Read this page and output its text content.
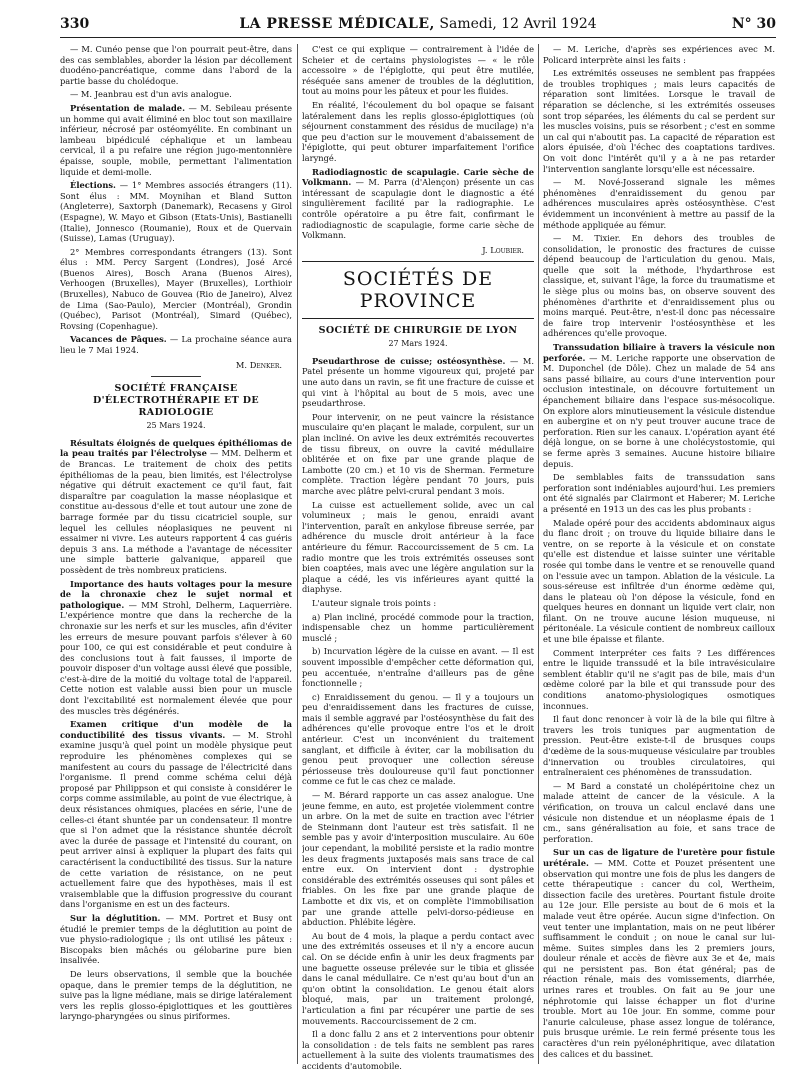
330	LA PRESSE MÉDICALE, Samedi, 12 Avril 1924	N° 30

— M. Cunéo pense que l'on pourrait peut-être, dans des cas semblables, aborder la lésion par décollement duodéno-pancréatique, comme dans l'abord de la partie basse du cholédoque.

— M. Jeanbrau est d'un avis analogue.

Présentation de malade. — M. Sebileau présente un homme qui avait éliminé en bloc tout son maxillaire inférieur, nécrosé par ostéomyélite. En combinant un lambeau bipédiculé céphalique et un lambeau cervical, il a pu refaire une région jugo-mentonnière épaisse, souple, mobile, permettant l'alimentation liquide et demi-molle.

Élections. — 1° Membres associés étrangers (11). Sont élus : MM. Moynihan et Bland Sutton (Angleterre), Saxtorph (Danemark), Recasens y Girol (Espagne), W. Mayo et Gibson (Etats-Unis), Bastianelli (Italie), Jonnesco (Roumanie), Roux et de Quervain (Suisse), Lamas (Uruguay).

2° Membres correspondants étrangers (13). Sont élus : MM. Percy Sargent (Londres), José Arcé (Buenos Aires), Bosch Arana (Buenos Aires), Verhoogen (Bruxelles), Mayer (Bruxelles), Lorthioir (Bruxelles), Nabuco de Gouvea (Rio de Janeiro), Alvez de Lima (Sao-Paulo), Mercier (Montréal), Grondin (Québec), Parisot (Montréal), Simard (Québec), Rovsing (Copenhague).

Vacances de Pâques. — La prochaine séance aura lieu le 7 Mai 1924.

M. Denker.

SOCIÉTÉ FRANÇAISE D'ÉLECTROTHÉRAPIE ET DE RADIOLOGIE

25 Mars 1924.

Résultats éloignés de quelques épithéliomas de la peau traités par l'électrolyse — MM. Delherm et de Brancas. Le traitement de choix des petits épithéliomas de la peau, bien limités, est l'électrolyse négative qui détruit exactement ce qu'il faut, fait disparaître par coagulation la masse néoplasique et constitue au-dessous d'elle et tout autour une zone de barrage formée par du tissu cicatriciel souple, sur lequel les cellules néoplasiques ne peuvent ni essaimer ni vivre. Les auteurs rapportent 4 cas guéris depuis 3 ans. La méthode a l'avantage de nécessiter une simple batterie galvanique, appareil que possèdent de très nombreux praticiens.

Importance des hauts voltages pour la mesure de la chronaxie chez le sujet normal et pathologique. — MM Strohl, Delherm, Laquerrière. L'expérience montre que dans la recherche de la chronaxie sur les nerfs et sur les muscles, afin d'éviter les erreurs de mesure pouvant parfois s'élever à 60 pour 100, ce qui est considérable et peut conduire à des conclusions tout à fait fausses, il importe de pouvoir disposer d'un voltage aussi élevé que possible, c'est-à-dire de la moitié du voltage total de l'appareil. Cette notion est valable aussi bien pour un muscle dont l'excitabilité est normalement élevée que pour des muscles très dégénérés.

Examen critique d'un modèle de la conductibilité des tissus vivants. — M. Strohl examine jusqu'à quel point un modèle physique peut reproduire les phénomènes complexes qui se manifestent au cours du passage de l'électricité dans l'organisme. Il prend comme schéma celui déjà proposé par Philippson et qui consiste à considérer le corps comme assimilable, au point de vue électrique, à deux résistances ohmiques, placées en série, l'une de celles-ci étant shuntée par un condensateur. Il montre que si l'on admet que la résistance shuntée décroît avec la durée de passage et l'intensité du courant, on peut arriver ainsi à expliquer la plupart des faits qui caractérisent la conductibilité des tissus. Sur la nature de cette variation de résistance, on ne peut actuellement faire que des hypothèses, mais il est vraisemblable que la diffusion progressive du courant dans l'organisme en est un des facteurs.

Sur la déglutition. — MM. Portret et Busy ont étudié le premier temps de la déglutition au point de vue physio-radiologique ; ils ont utilisé les pâteux : Biscopaks bien mâchés ou gélobarine pure bien insalivée.

De leurs observations, il semble que la bouchée opaque, dans le premier temps de la déglutition, ne suive pas la ligne médiane, mais se dirige latéralement vers les replis glosso-épiglottiques et les gouttières laryngo-pharyngées ou sinus piriformes.

C'est ce qui explique — contrairement à l'idée de Scheier et de certains physiologistes — « le rôle accessoire » de l'épiglotte, qui peut être mutilée, réséquée sans amener de troubles de la déglutition, tout au moins pour les pâteux et pour les fluides.

En réalité, l'écoulement du bol opaque se faisant latéralement dans les replis glosso-épiglottiques (où séjournent constamment des résidus de mucilage) n'a que peu d'action sur le mouvement d'abaissement de l'épiglotte, qui peut obturer imparfaitement l'orifice laryngé.

Radiodiagnostic de scapulagie. Carie sèche de Volkmann. — M. Parra (d'Alençon) présente un cas intéressant de scapulagie dont le diagnostic a été singulièrement facilité par la radiographie. Le contrôle opératoire a pu être fait, confirmant le radiodiagnostic de scapulagie, forme carie sèche de Volkmann.

J. Loubier.

SOCIÉTÉS DE PROVINCE
SOCIÉTÉ DE CHIRURGIE DE LYON

27 Mars 1924.

Pseudarthrose de cuisse; ostéosynthèse. — M. Patel présente un homme vigoureux qui, projeté par une auto dans un ravin, se fit une fracture de cuisse et qui vint à l'hôpital au bout de 5 mois, avec une pseudarthrose.

Pour intervenir, on ne peut vaincre la résistance musculaire qu'en plaçant le malade, corpulent, sur un plan incliné. On avive les deux extrémités recouvertes de tissu fibreux, on ouvre la cavité médullaire oblitérée et on fixe par une grande plaque de Lambotte (20 cm.) et 10 vis de Sherman. Fermeture complète. Traction légère pendant 70 jours, puis marche avec plâtre pelvi-crural pendant 3 mois.

La cuisse est actuellement solide, avec un cal volumineux ; mais le genou, enraidi avant l'intervention, paraît en ankylose fibreuse serrée, par adhérence du muscle droit antérieur à la face antérieure du fémur. Raccourcissement de 5 cm. La radio montre que les trois extrémités osseuses sont bien coaptées, mais avec une légère angulation sur la plaque a cédé, les vis inférieures ayant quitté la diaphyse.

L'auteur signale trois points :

a) Plan incliné, procédé commode pour la traction, indispensable chez un homme particulièrement musclé ;

b) Incurvation légère de la cuisse en avant. — Il est souvent impossible d'empêcher cette déformation qui, peu accentuée, n'entraîne d'ailleurs pas de gêne fonctionnelle ;

c) Enraidissement du genou. — Il y a toujours un peu d'enraidissement dans les fractures de cuisse, mais il semble aggravé par l'ostéosynthèse du fait des adhérences qu'elle provoque entre l'os et le droit antérieur. C'est un inconvénient du traitement sanglant, et difficile à éviter, car la mobilisation du genou peut provoquer une collection séreuse périosseuse très douloureuse qu'il faut ponctionner comme ce fut le cas chez ce malade.

— M. Bérard rapporte un cas assez analogue. Une jeune femme, en auto, est projetée violemment contre un arbre. On la met de suite en traction avec l'étrier de Steinmann dont l'auteur est très satisfait. Il ne semble pas y avoir d'interposition musculaire. Au 60e jour cependant, la mobilité persiste et la radio montre les deux fragments juxtaposés mais sans trace de cal entre eux. On intervient dont : dystrophie considérable des extrémités osseuses qui sont pâles et friables. On les fixe par une grande plaque de Lambotte et dix vis, et on complète l'immobilisation par une grande attelle pelvi-dorso-pédieuse en abduction. Phlébite légère.

Au bout de 4 mois, la plaque a perdu contact avec une des extrémités osseuses et il n'y a encore aucun cal. On se décide enfin à unir les deux fragments par une baguette osseuse prélevée sur le tibia et glissée dans le canal médullaire. Ce n'est qu'au bout d'un an qu'on obtint la consolidation. Le genou était alors bloqué, mais, par un traitement prolongé, l'articulation a fini par récupérer une partie de ses mouvements. Raccourcissement de 2 cm.

Il a donc fallu 2 ans et 2 interventions pour obtenir la consolidation : de tels faits ne semblent pas rares actuellement à la suite des violents traumatismes des accidents d'automobile.

— M. Leriche, d'après ses expériences avec M. Policard interprète ainsi les faits :

Les extrémités osseuses ne semblent pas frappées de troubles trophiques ; mais leurs capacités de réparation sont limitées. Lorsque le travail de réparation se déclenche, si les extrémités osseuses sont trop séparées, les éléments du cal se perdent sur les muscles voisins, puis se résorbent ; c'est en somme un cal qui n'aboutit pas. La capacité de réparation est alors épuisée, d'où l'échec des coaptations tardives. On voit donc l'intérêt qu'il y a à ne pas retarder l'intervention sanglante lorsqu'elle est nécessaire.

— M. Nové-Josserand signale les mêmes phénomènes d'enraidissement du genou par adhérences musculaires après ostéosynthèse. C'est évidemment un inconvénient à mettre au passif de la méthode appliquée au fémur.

— M. Tixier. En dehors des troubles de consolidation, le pronostic des fractures de cuisse dépend beaucoup de l'articulation du genou. Mais, quelle que soit la méthode, l'hydarthrose est classique, et, suivant l'âge, la force du traumatisme et le siège plus ou moins bas, on observe souvent des phénomènes d'arthrite et d'enraidissement plus ou moins marqué. Peut-être, n'est-il donc pas nécessaire de faire trop intervenir l'ostéosynthèse et les adhérences qu'elle provoque.

Transsudation biliaire à travers la vésicule non perforée. — M. Leriche rapporte une observation de M. Duponchel (de Dôle). Chez un malade de 54 ans sans passé biliaire, au cours d'une intervention pour occlusion intestinale, on découvre fortuitement un épanchement biliaire dans l'espace sus-mésocolique. On explore alors minutieusement la vésicule distendue en aubergine et on n'y peut trouver aucune trace de perforation. Rien sur les canaux. L'opération ayant été déjà longue, on se borne à une cholécystostomie, qui se ferme après 3 semaines. Aucune histoire biliaire depuis.

De semblables faits de transsudation sans perforation sont indéniables aujourd'hui. Les premiers ont été signalés par Clairmont et Haberer; M. Leriche a présenté en 1913 un des cas les plus probants :

Malade opéré pour des accidents abdominaux aigus du flanc droit ; on trouve du liquide biliaire dans le ventre, on se reporte à la vésicule et on constate qu'elle est distendue et laisse suinter une véritable rosée qui tombe dans le ventre et se renouvelle quand on l'essuie avec un tampon. Ablation de la vésicule. La sous-séreuse est infiltrée d'un énorme œdème qui, dans le plateau où l'on dépose la vésicule, fond en quelques heures en donnant un liquide vert clair, non filant. On ne trouve aucune lésion muqueuse, ni péritonéale. La vésicule contient de nombreux cailloux et une bile épaisse et filante.

Comment interpréter ces faits ? Les différences entre le liquide transsudé et la bile intravésiculaire semblent établir qu'il ne s'agit pas de bile, mais d'un œdème coloré par la bile et qui transsude pour des conditions anatomo-physiologiques osmotiques inconnues.

Il faut donc renoncer à voir là de la bile qui filtre à travers les trois tuniques par augmentation de pression. Peut-être existe-t-il de brusques coups d'œdème de la sous-muqueuse vésiculaire par troubles d'innervation ou troubles circulatoires, qui entraîneraient ces phénomènes de transsudation.

— M Bard a constaté un cholépéritoine chez un malade atteint de cancer de la vésicule. A la vérification, on trouva un calcul enclavé dans une vésicule non distendue et un néoplasme épais de 1 cm., sans généralisation au foie, et sans trace de perforation.

Sur un cas de ligature de l'uretère pour fistule urétérale. — MM. Cotte et Pouzet présentent une observation qui montre une fois de plus les dangers de cette thérapeutique : cancer du col, Wertheim, dissection facile des uretères. Pourtant fistule droite au 12e jour. Elle persiste au bout de 6 mois et la malade veut être opérée. Aucun signe d'infection. On veut tenter une implantation, mais on ne peut libérer suffisamment le conduit ; on noue le canal sur lui-même. Suites simples dans les 2 premiers jours, douleur rénale et accès de fièvre aux 3e et 4e, mais qui ne persistent pas. Bon état général; pas de réaction rénale, mais des vomissements, diarrhée, urines rares et troubles. On fait au 9e jour une néphrotomie qui laisse échapper un flot d'urine trouble. Mort au 10e jour. En somme, comme pour l'anurie calculeuse, phase assez longue de tolérance, puis brusque urémie. Le rein fermé présente tous les caractères d'un rein pyélonéphritique, avec dilatation des calices et du bassinet.
